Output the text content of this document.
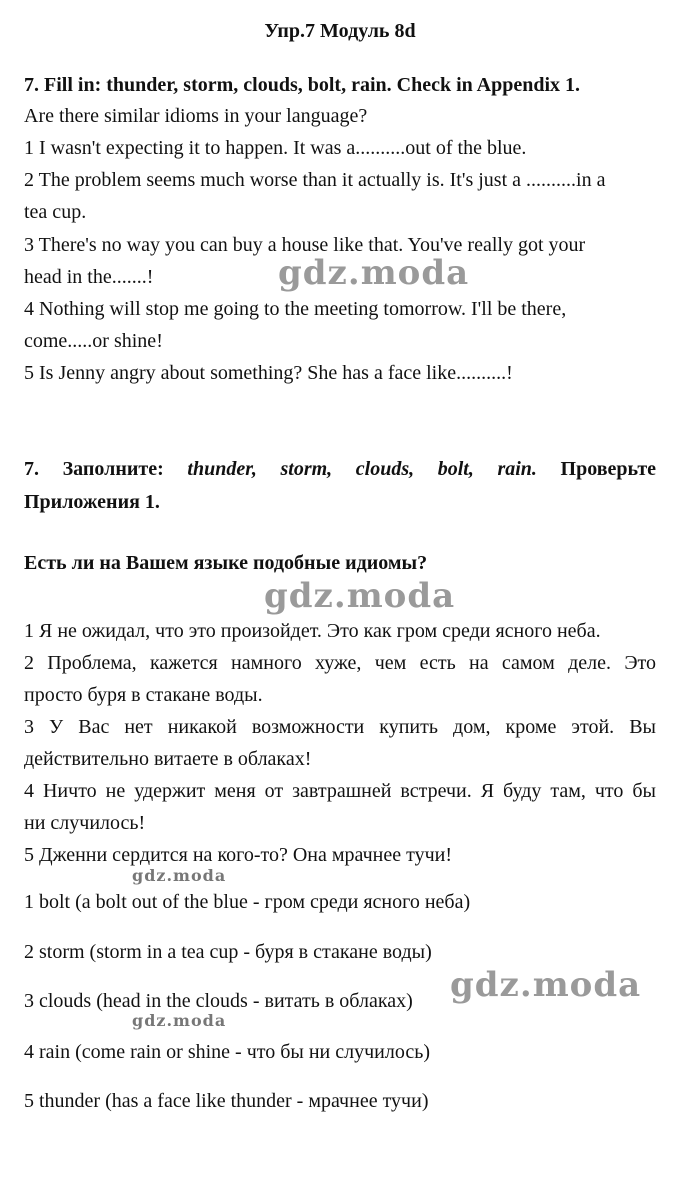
Упр.7 Модуль 8d

7. Fill in: thunder, storm, clouds, bolt, rain. Check in Appendix 1.

Are there similar idioms in your language?

1 I wasn't expecting it to happen. It was a..........out of the blue.

2 The problem seems much worse than it actually is. It's just a ..........in a

tea cup.

3 There's no way you can buy a house like that. You've really got your

head in the.......!

4 Nothing will stop me going to the meeting tomorrow. I'll be there,

come.....or shine!

5 Is Jenny angry about something? She has a face like..........!

7. Заполните: thunder, storm, clouds, bolt, rain. Проверьте

Приложения 1.

Есть ли на Вашем языке подобные идиомы?

1 Я не ожидал, что это произойдет. Это как гром среди ясного неба.

2 Проблема, кажется намного хуже, чем есть на самом деле. Это

просто буря в стакане воды.

3 У Вас нет никакой возможности купить дом, кроме этой. Вы

действительно витаете в облаках!

4 Ничто не удержит меня от завтрашней встречи. Я буду там, что бы

ни случилось!

5 Дженни сердится на кого-то? Она мрачнее тучи!

1 bolt (a bolt out of the blue - гром среди ясного неба)

2 storm (storm in a tea cup - буря в стакане воды)

3 clouds (head in the clouds - витать в облаках)

4 rain (come rain or shine - что бы ни случилось)

5 thunder (has a face like thunder - мрачнее тучи)

gdz.moda

gdz.moda

gdz.moda

gdz.moda

gdz.moda
